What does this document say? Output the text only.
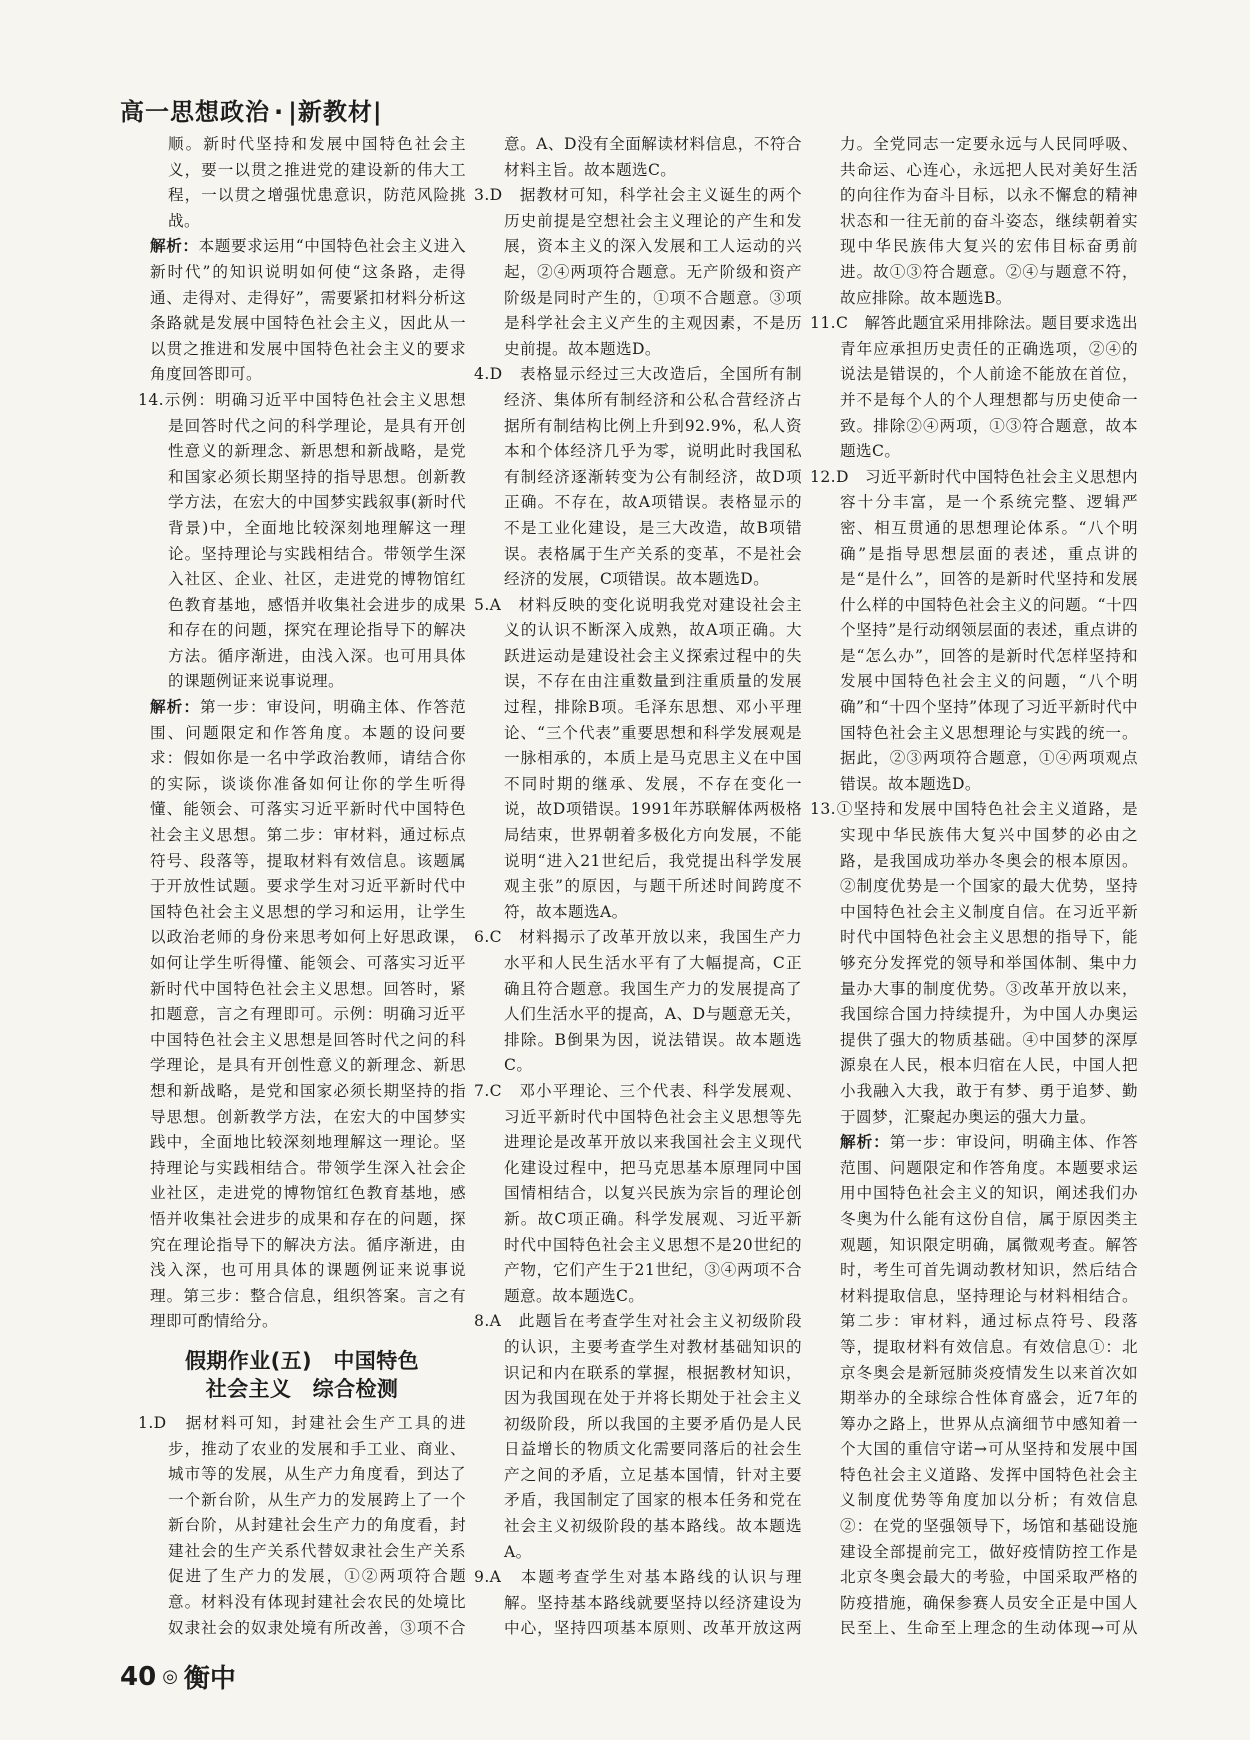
高一思想政治 · |新教材|

顺。新时代坚持和发展中国特色社会主义，要一以贯之推进党的建设新的伟大工程，一以贯之增强忧患意识，防范风险挑战。

解析：本题要求运用“中国特色社会主义进入新时代”的知识说明如何使“这条路，走得通、走得对、走得好”，需要紧扣材料分析这条路就是发展中国特色社会主义，因此从一以贯之推进和发展中国特色社会主义的要求角度回答即可。

14.示例：明确习近平中国特色社会主义思想是回答时代之问的科学理论，是具有开创性意义的新理念、新思想和新战略，是党和国家必须长期坚持的指导思想。创新教学方法，在宏大的中国梦实践叙事(新时代背景)中，全面地比较深刻地理解这一理论。坚持理论与实践相结合。带领学生深入社区、企业、社区，走进党的博物馆红色教育基地，感悟并收集社会进步的成果和存在的问题，探究在理论指导下的解决方法。循序渐进，由浅入深。也可用具体的课题例证来说事说理。

解析：第一步：审设问，明确主体、作答范围、问题限定和作答角度。本题的设问要求：假如你是一名中学政治教师，请结合你的实际，谈谈你准备如何让你的学生听得懂、能领会、可落实习近平新时代中国特色社会主义思想。第二步：审材料，通过标点符号、段落等，提取材料有效信息。该题属于开放性试题。要求学生对习近平新时代中国特色社会主义思想的学习和运用，让学生以政治老师的身份来思考如何上好思政课，如何让学生听得懂、能领会、可落实习近平新时代中国特色社会主义思想。回答时，紧扣题意，言之有理即可。示例：明确习近平中国特色社会主义思想是回答时代之问的科学理论，是具有开创性意义的新理念、新思想和新战略，是党和国家必须长期坚持的指导思想。创新教学方法，在宏大的中国梦实践中，全面地比较深刻地理解这一理论。坚持理论与实践相结合。带领学生深入社会企业社区，走进党的博物馆红色教育基地，感悟并收集社会进步的成果和存在的问题，探究在理论指导下的解决方法。循序渐进，由浅入深，也可用具体的课题例证来说事说理。第三步：整合信息，组织答案。言之有理即可酌情给分。

假期作业(五)　中国特色
社会主义　综合检测

1.D　据材料可知，封建社会生产工具的进步，推动了农业的发展和手工业、商业、城市等的发展，从生产力角度看，到达了一个新台阶，从生产力的发展跨上了一个新台阶，从封建社会生产力的角度看，封建社会的生产关系代替奴隶社会生产关系促进了生产力的发展，①②两项符合题意。材料没有体现封建社会农民的处境比奴隶社会的奴隶处境有所改善，③项不合

意。A、D没有全面解读材料信息，不符合材料主旨。故本题选C。

3.D　据教材可知，科学社会主义诞生的两个历史前提是空想社会主义理论的产生和发展，资本主义的深入发展和工人运动的兴起，②④两项符合题意。无产阶级和资产阶级是同时产生的，①项不合题意。③项是科学社会主义产生的主观因素，不是历史前提。故本题选D。

4.D　表格显示经过三大改造后，全国所有制经济、集体所有制经济和公私合营经济占据所有制结构比例上升到92.9%，私人资本和个体经济几乎为零，说明此时我国私有制经济逐渐转变为公有制经济，故D项正确。不存在，故A项错误。表格显示的不是工业化建设，是三大改造，故B项错误。表格属于生产关系的变革，不是社会经济的发展，C项错误。故本题选D。

5.A　材料反映的变化说明我党对建设社会主义的认识不断深入成熟，故A项正确。大跃进运动是建设社会主义探索过程中的失误，不存在由注重数量到注重质量的发展过程，排除B项。毛泽东思想、邓小平理论、“三个代表”重要思想和科学发展观是一脉相承的，本质上是马克思主义在中国不同时期的继承、发展，不存在变化一说，故D项错误。1991年苏联解体两极格局结束，世界朝着多极化方向发展，不能说明“进入21世纪后，我党提出科学发展观主张”的原因，与题干所述时间跨度不符，故本题选A。

6.C　材料揭示了改革开放以来，我国生产力水平和人民生活水平有了大幅提高，C正确且符合题意。我国生产力的发展提高了人们生活水平的提高，A、D与题意无关，排除。B倒果为因，说法错误。故本题选C。

7.C　邓小平理论、三个代表、科学发展观、习近平新时代中国特色社会主义思想等先进理论是改革开放以来我国社会主义现代化建设过程中，把马克思基本原理同中国国情相结合，以复兴民族为宗旨的理论创新。故C项正确。科学发展观、习近平新时代中国特色社会主义思想不是20世纪的产物，它们产生于21世纪，③④两项不合题意。故本题选C。

8.A　此题旨在考查学生对社会主义初级阶段的认识，主要考查学生对教材基础知识的识记和内在联系的掌握，根据教材知识，因为我国现在处于并将长期处于社会主义初级阶段，所以我国的主要矛盾仍是人民日益增长的物质文化需要同落后的社会生产之间的矛盾，立足基本国情，针对主要矛盾，我国制定了国家的根本任务和党在社会主义初级阶段的基本路线。故本题选A。

9.A　本题考查学生对基本路线的认识与理解。坚持基本路线就要坚持以经济建设为中心，坚持四项基本原则、改革开放这两

力。全党同志一定要永远与人民同呼吸、共命运、心连心，永远把人民对美好生活的向往作为奋斗目标，以永不懈怠的精神状态和一往无前的奋斗姿态，继续朝着实现中华民族伟大复兴的宏伟目标奋勇前进。故①③符合题意。②④与题意不符，故应排除。故本题选B。

11.C　解答此题宜采用排除法。题目要求选出青年应承担历史责任的正确选项，②④的说法是错误的，个人前途不能放在首位，并不是每个人的个人理想都与历史使命一致。排除②④两项，①③符合题意，故本题选C。

12.D　习近平新时代中国特色社会主义思想内容十分丰富，是一个系统完整、逻辑严密、相互贯通的思想理论体系。“八个明确”是指导思想层面的表述，重点讲的是“是什么”，回答的是新时代坚持和发展什么样的中国特色社会主义的问题。“十四个坚持”是行动纲领层面的表述，重点讲的是“怎么办”，回答的是新时代怎样坚持和发展中国特色社会主义的问题，“八个明确”和“十四个坚持”体现了习近平新时代中国特色社会主义思想理论与实践的统一。据此，②③两项符合题意，①④两项观点错误。故本题选D。

13.①坚持和发展中国特色社会主义道路，是实现中华民族伟大复兴中国梦的必由之路，是我国成功举办冬奥会的根本原因。②制度优势是一个国家的最大优势，坚持中国特色社会主义制度自信。在习近平新时代中国特色社会主义思想的指导下，能够充分发挥党的领导和举国体制、集中力量办大事的制度优势。③改革开放以来，我国综合国力持续提升，为中国人办奥运提供了强大的物质基础。④中国梦的深厚源泉在人民，根本归宿在人民，中国人把小我融入大我，敢于有梦、勇于追梦、勤于圆梦，汇聚起办奥运的强大力量。

解析：第一步：审设问，明确主体、作答范围、问题限定和作答角度。本题要求运用中国特色社会主义的知识，阐述我们办冬奥为什么能有这份自信，属于原因类主观题，知识限定明确，属微观考查。解答时，考生可首先调动教材知识，然后结合材料提取信息，坚持理论与材料相结合。第二步：审材料，通过标点符号、段落等，提取材料有效信息。有效信息①：北京冬奥会是新冠肺炎疫情发生以来首次如期举办的全球综合性体育盛会，近7年的筹办之路上，世界从点滴细节中感知着一个大国的重信守诺→可从坚持和发展中国特色社会主义道路、发挥中国特色社会主义制度优势等角度加以分析；有效信息②：在党的坚强领导下，场馆和基础设施建设全部提前完工，做好疫情防控工作是北京冬奥会最大的考验，中国采取严格的防疫措施，确保参赛人员安全正是中国人民至上、生命至上理念的生动体现→可从

40 ◎ 衡中
